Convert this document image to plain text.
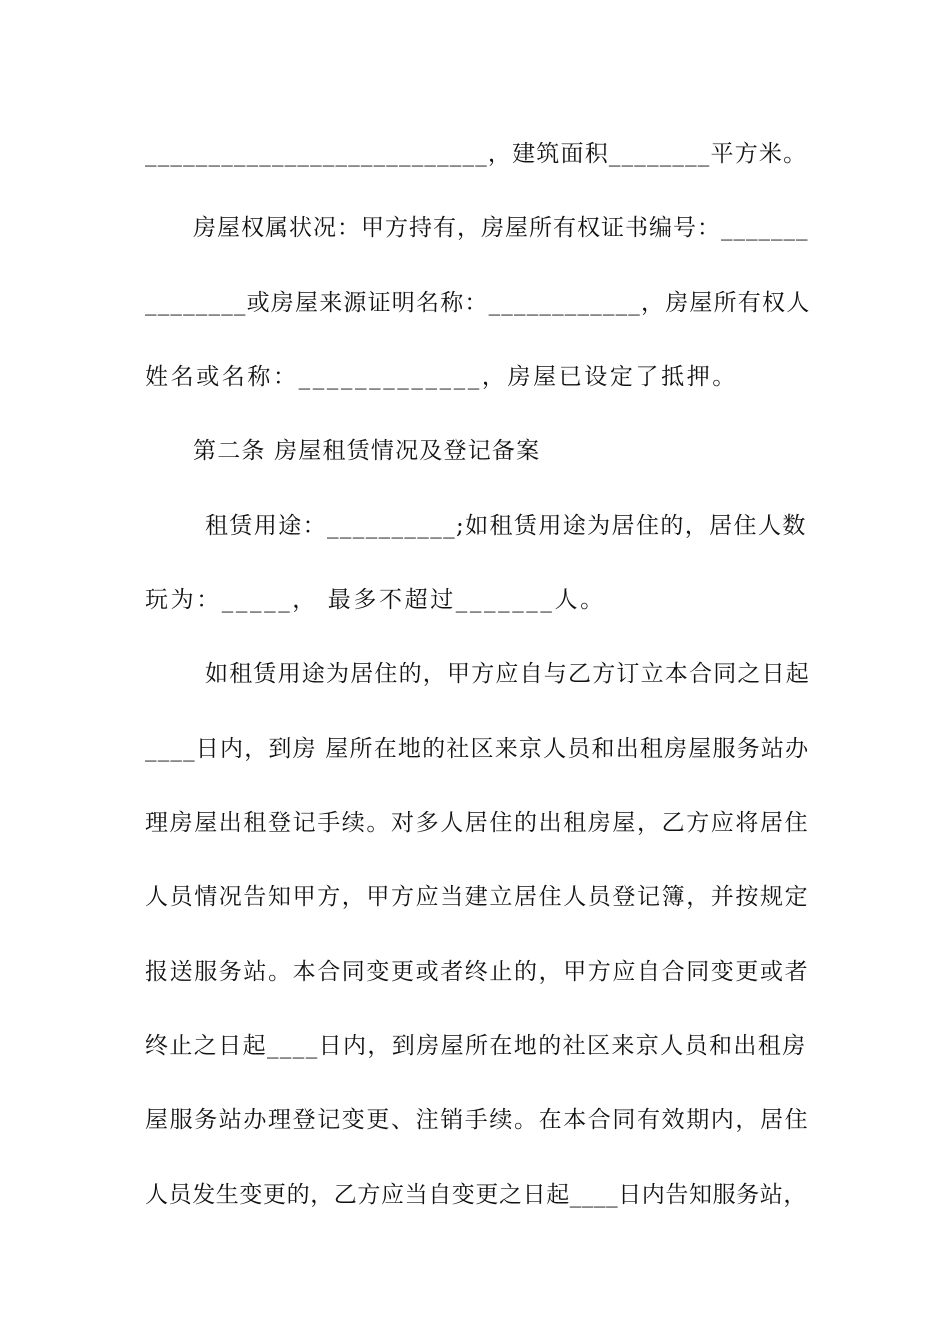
___________________________，建筑面积________平方米。
房屋权属状况：甲方持有，房屋所有权证书编号：_______
________或房屋来源证明名称：____________，房屋所有权人
姓名或名称：_____________，房屋已设定了抵押。
第二条 房屋租赁情况及登记备案
租赁用途：__________;如租赁用途为居住的，居住人数
玩为：_____， 最多不超过_______人。
如租赁用途为居住的，甲方应自与乙方订立本合同之日起
____日内，到房 屋所在地的社区来京人员和出租房屋服务站办
理房屋出租登记手续。对多人居住的出租房屋，乙方应将居住
人员情况告知甲方，甲方应当建立居住人员登记簿，并按规定
报送服务站。本合同变更或者终止的，甲方应自合同变更或者
终止之日起____日内，到房屋所在地的社区来京人员和出租房
屋服务站办理登记变更、注销手续。在本合同有效期内，居住
人员发生变更的，乙方应当自变更之日起____日内告知服务站，
